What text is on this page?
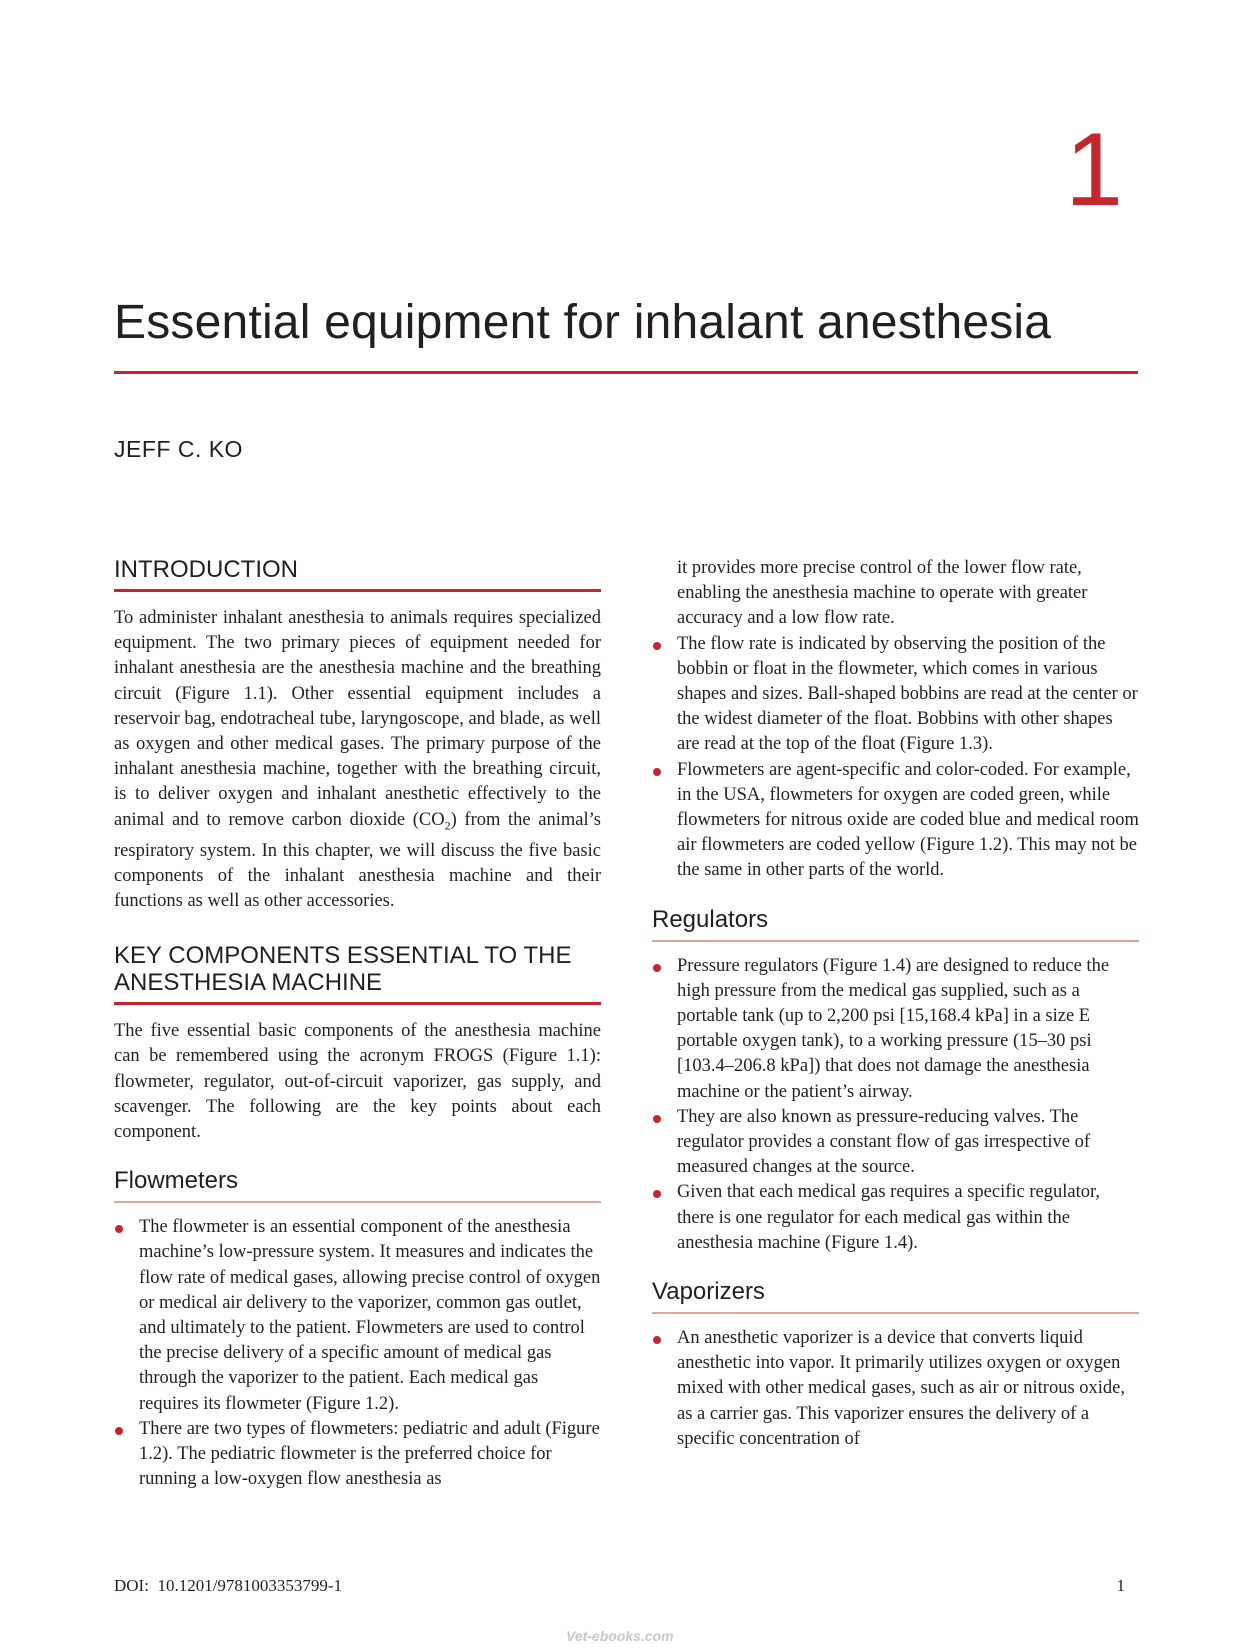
1
Essential equipment for inhalant anesthesia

JEFF C. KO

INTRODUCTION

To administer inhalant anesthesia to animals requires specialized equipment. The two primary pieces of equipment needed for inhalant anesthesia are the anesthesia machine and the breathing circuit (Figure 1.1). Other essential equipment includes a reservoir bag, endotracheal tube, laryngoscope, and blade, as well as oxygen and other medical gases. The primary purpose of the inhalant anesthesia machine, together with the breathing circuit, is to deliver oxygen and inhalant anesthetic effectively to the animal and to remove carbon dioxide $(CO_2)$ from the animal’s respiratory system. In this chapter, we will discuss the five basic components of the inhalant anesthesia machine and their functions as well as other accessories.

KEY COMPONENTS ESSENTIAL TO THE
ANESTHESIA MACHINE

The five essential basic components of the anesthesia machine can be remembered using the acronym FROGS (Figure 1.1): flowmeter, regulator, out-of-circuit vaporizer, gas supply, and scavenger. The following are the key points about each component.

Flowmeters
The flowmeter is an essential component of the anesthesia machine’s low-pressure system. It measures and indicates the flow rate of medical gases, allowing precise control of oxygen or medical air delivery to the vaporizer, common gas outlet, and ultimately to the patient. Flowmeters are used to control the precise delivery of a specific amount of medical gas through the vaporizer to the patient. Each medical gas requires its flowmeter (Figure 1.2).
There are two types of flowmeters: pediatric and adult (Figure 1.2). The pediatric flowmeter is the preferred choice for running a low-oxygen flow anesthesia as

it provides more precise control of the lower flow rate, enabling the anesthesia machine to operate with greater accuracy and a low flow rate.

The flow rate is indicated by observing the position of the bobbin or float in the flowmeter, which comes in various shapes and sizes. Ball-shaped bobbins are read at the center or the widest diameter of the float. Bobbins with other shapes are read at the top of the float (Figure 1.3).
Flowmeters are agent-specific and color-coded. For example, in the USA, flowmeters for oxygen are coded green, while flowmeters for nitrous oxide are coded blue and medical room air flowmeters are coded yellow (Figure 1.2). This may not be the same in other parts of the world.
Regulators
Pressure regulators (Figure 1.4) are designed to reduce the high pressure from the medical gas supplied, such as a portable tank (up to 2,200 psi [15,168.4 kPa] in a size E portable oxygen tank), to a working pressure (15–30 psi [103.4–206.8 kPa]) that does not damage the anesthesia machine or the patient’s airway.
They are also known as pressure-reducing valves. The regulator provides a constant flow of gas irrespective of measured changes at the source.
Given that each medical gas requires a specific regulator, there is one regulator for each medical gas within the anesthesia machine (Figure 1.4).
Vaporizers
An anesthetic vaporizer is a device that converts liquid anesthetic into vapor. It primarily utilizes oxygen or oxygen mixed with other medical gases, such as air or nitrous oxide, as a carrier gas. This vaporizer ensures the delivery of a specific concentration of
DOI:  10.1201/9781003353799-1	1
Vet-ebooks.com
